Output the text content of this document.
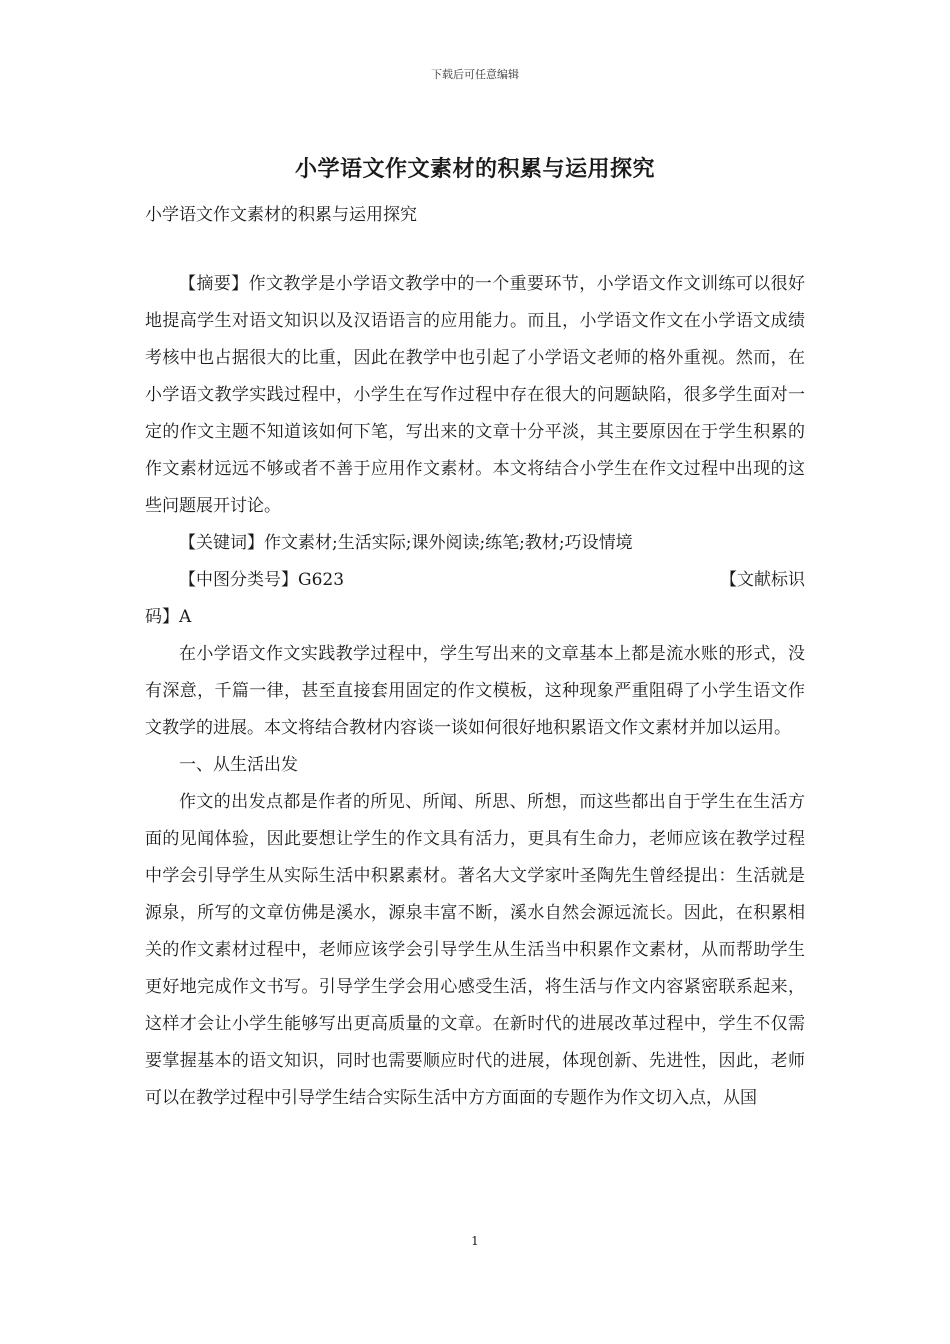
下载后可任意编辑
小学语文作文素材的积累与运用探究
小学语文作文素材的积累与运用探究

【摘要】作文教学是小学语文教学中的一个重要环节，小学语文作文训练可以很好地提高学生对语文知识以及汉语语言的应用能力。而且，小学语文作文在小学语文成绩考核中也占据很大的比重，因此在教学中也引起了小学语文老师的格外重视。然而，在小学语文教学实践过程中，小学生在写作过程中存在很大的问题缺陷，很多学生面对一定的作文主题不知道该如何下笔，写出来的文章十分平淡，其主要原因在于学生积累的作文素材远远不够或者不善于应用作文素材。本文将结合小学生在作文过程中出现的这些问题展开讨论。

【关键词】作文素材;生活实际;课外阅读;练笔;教材;巧设情境

【中图分类号】G623	【文献标识
码】A

在小学语文作文实践教学过程中，学生写出来的文章基本上都是流水账的形式，没有深意，千篇一律，甚至直接套用固定的作文模板，这种现象严重阻碍了小学生语文作文教学的进展。本文将结合教材内容谈一谈如何很好地积累语文作文素材并加以运用。

一、从生活出发

作文的出发点都是作者的所见、所闻、所思、所想，而这些都出自于学生在生活方面的见闻体验，因此要想让学生的作文具有活力，更具有生命力，老师应该在教学过程中学会引导学生从实际生活中积累素材。著名大文学家叶圣陶先生曾经提出：生活就是源泉，所写的文章仿佛是溪水，源泉丰富不断，溪水自然会源远流长。因此，在积累相关的作文素材过程中，老师应该学会引导学生从生活当中积累作文素材，从而帮助学生更好地完成作文书写。引导学生学会用心感受生活，将生活与作文内容紧密联系起来，这样才会让小学生能够写出更高质量的文章。在新时代的进展改革过程中，学生不仅需要掌握基本的语文知识，同时也需要顺应时代的进展，体现创新、先进性，因此，老师可以在教学过程中引导学生结合实际生活中方方面面的专题作为作文切入点，从国

1
